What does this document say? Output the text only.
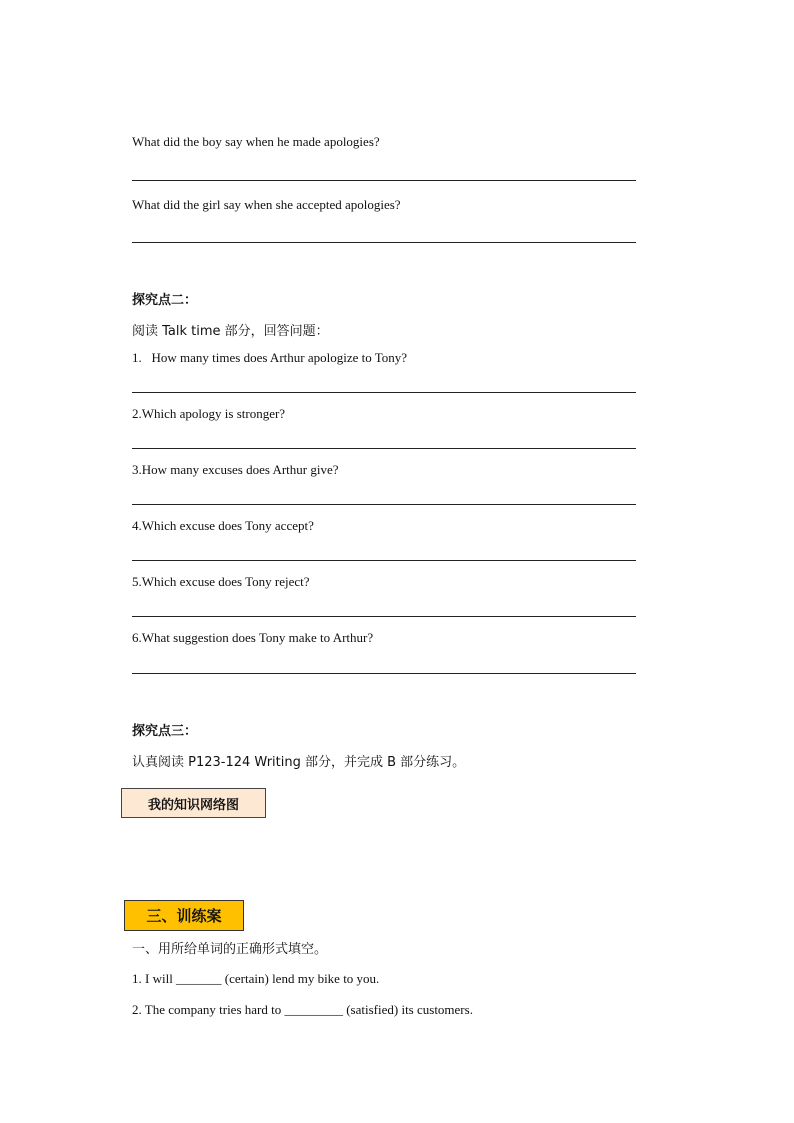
What did the boy say when he made apologies?
What did the girl say when she accepted apologies?
探究点二：
阅读 Talk time 部分，回答问题：
1.   How many times does Arthur apologize to Tony?
2.Which apology is stronger?
3.How many excuses does Arthur give?
4.Which excuse does Tony accept?
5.Which excuse does Tony reject?
6.What suggestion does Tony make to Arthur?
探究点三：
认真阅读 P123-124 Writing 部分，并完成 B 部分练习。
我的知识网络图
三、训练案
一、用所给单词的正确形式填空。
1. I will _______ (certain) lend my bike to you.
2. The company tries hard to _________ (satisfied) its customers.
